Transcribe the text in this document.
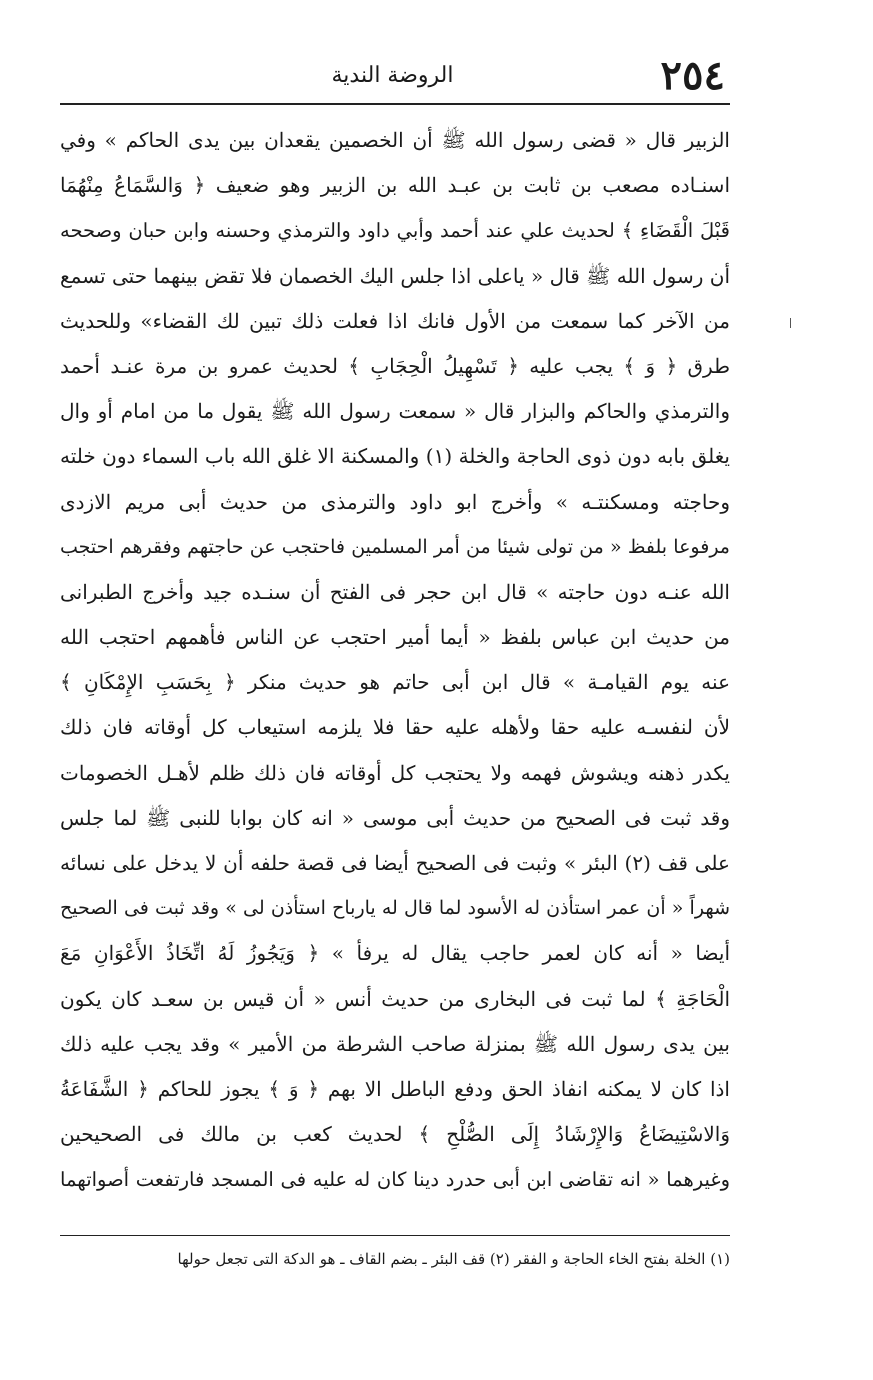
٢٥٤
الروضة الندية
الزبير قال « قضى رسول الله ﷺ أن الخصمين يقعدان بين يدى الحاكم » وفي
اسنـاده مصعب بن ثابت بن عبـد الله بن الزبير وهو ضعيف ﴿ وَالسَّمَاعُ مِنْهُمَا
قَبْلَ الْقَضَاءِ ﴾ لحديث علي عند أحمد وأبي داود والترمذي وحسنه وابن حبان وصححه
أن رسول الله ﷺ قال « ياعلى اذا جلس اليك الخصمان فلا تقض بينهما حتى تسمع
من الآخر كما سمعت من الأول فانك اذا فعلت ذلك تبين لك القضاء» وللحديث
طرق ﴿ وَ ﴾ يجب عليه ﴿ تَسْهِيلُ الْحِجَابِ ﴾ لحديث عمرو بن مرة عنـد أحمد
والترمذي والحاكم والبزار قال « سمعت رسول الله ﷺ يقول ما من امام أو وال
يغلق بابه دون ذوى الحاجة والخلة (١) والمسكنة الا غلق الله باب السماء دون خلته
وحاجته ومسكنتـه » وأخرج ابو داود والترمذى من حديث أبى مريم الازدى
مرفوعا بلفظ « من تولى شيئا من أمر المسلمين فاحتجب عن حاجتهم وفقرهم احتجب
الله عنـه دون حاجته » قال ابن حجر فى الفتح أن سنـده جيد وأخرج الطبرانى
من حديث ابن عباس بلفظ « أيما أمير احتجب عن الناس فأهمهم احتجب الله
عنه يوم القيامـة » قال ابن أبى حاتم هو حديث منكر ﴿ بِحَسَبِ الإِمْكَانِ ﴾
لأن لنفسـه عليه حقا ولأهله عليه حقا فلا يلزمه استيعاب كل أوقاته فان ذلك
يكدر ذهنه ويشوش فهمه ولا يحتجب كل أوقاته فان ذلك ظلم لأهـل الخصومات
وقد ثبت فى الصحيح من حديث أبى موسى « انه كان بوابا للنبى ﷺ لما جلس
على قف (٢) البئر » وثبت فى الصحيح أيضا فى قصة حلفه أن لا يدخل على نسائه
شهراً « أن عمر استأذن له الأسود لما قال له يارباح استأذن لى » وقد ثبت فى الصحيح
أيضا « أنه كان لعمر حاجب يقال له يرفأ » ﴿ وَيَجُوزُ لَهُ اتِّخَاذُ الأَعْوَانِ مَعَ
الْحَاجَةِ ﴾ لما ثبت فى البخارى من حديث أنس « أن قيس بن سعـد كان يكون
بين يدى رسول الله ﷺ بمنزلة صاحب الشرطة من الأمير » وقد يجب عليه ذلك
اذا كان لا يمكنه انفاذ الحق ودفع الباطل الا بهم ﴿ وَ ﴾ يجوز للحاكم ﴿ الشَّفَاعَةُ
وَالاسْتِيضَاعُ وَالإِرْشَادُ إِلَى الصُّلْحِ ﴾ لحديث كعب بن مالك فى الصحيحين
وغيرهما « انه تقاضى ابن أبى حدرد دينا كان له عليه فى المسجد فارتفعت أصواتهما
(١) الخلة بفتح الخاء الحاجة و الفقر (٢) قف البئر ـ بضم القاف ـ هو الدكة التى تجعل حولها
